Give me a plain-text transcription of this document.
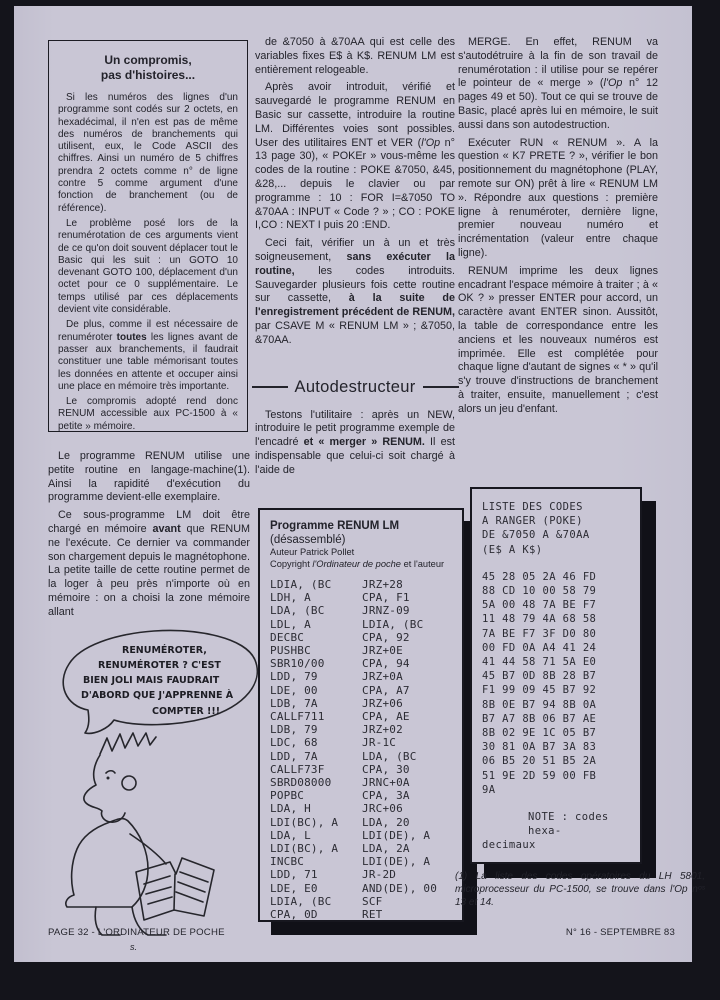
Un compromis,
pas d'histoires...

Si les numéros des lignes d'un programme sont codés sur 2 octets, en hexadécimal, il n'en est pas de même des numéros de branchements qui utilisent, eux, le Code ASCII des chiffres. Ainsi un numéro de 5 chiffres prendra 2 octets comme n° de ligne contre 5 comme argument d'une fonction de branchement (ou de référence).

Le problème posé lors de la renumérotation de ces arguments vient de ce qu'on doit souvent déplacer tout le Basic qui les suit : un GOTO 10 devenant GOTO 100, déplacement d'un octet pour ce 0 supplémentaire. Le temps utilisé par ces déplacements devient vite considérable.

De plus, comme il est nécessaire de renuméroter toutes les lignes avant de passer aux branchements, il faudrait constituer une table mémorisant toutes les données en attente et occuper ainsi une place en mémoire très importante.

Le compromis adopté rend donc RENUM accessible aux PC-1500 à « petite » mémoire.

Le programme RENUM utilise une petite routine en langage-machine(1). Ainsi la rapidité d'exécution du programme devient-elle exemplaire.

Ce sous-programme LM doit être chargé en mémoire avant que RENUM ne l'exécute. Ce dernier va commander son chargement depuis le magnétophone. La petite taille de cette routine permet de la loger à peu près n'importe où en mémoire : on a choisi la zone mémoire allant

RENUMÉROTER,
RENUMÉROTER ? C'EST
BIEN JOLI MAIS FAUDRAIT
D'ABORD QUE J'APPRENNE À
COMPTER !!!
s.

de &7050 à &70AA qui est celle des variables fixes E$ à K$. RENUM LM est entièrement relogeable.

Après avoir introduit, vérifié et sauvegardé le programme RENUM en Basic sur cassette, introduire la routine LM. Différentes voies sont possibles. User des utilitaires ENT et VER (l'Op n° 13 page 30), « POKEr » vous-même les codes de la routine : POKE &7050, &45, &28,... depuis le clavier ou par programme : 10 : FOR I=&7050 TO &70AA : INPUT « Code ? » ; CO : POKE I,CO : NEXT I puis 20 :END.

Ceci fait, vérifier un à un et très soigneusement, sans exécuter la routine, les codes introduits. Sauvegarder plusieurs fois cette routine sur cassette, à la suite de l'enregistrement précédent de RENUM, par CSAVE M « RENUM LM » ; &7050, &70AA.

Autodestructeur

Testons l'utilitaire : après un NEW, introduire le petit programme exemple de l'encadré et « merger » RENUM. Il est indispensable que celui-ci soit chargé à l'aide de

MERGE. En effet, RENUM va s'autodétruire à la fin de son travail de renumérotation : il utilise pour se repérer le pointeur de « merge » (l'Op n° 12 pages 49 et 50). Tout ce qui se trouve de Basic, placé après lui en mémoire, le suit aussi dans son autodestruction.

Exécuter RUN « RENUM ». A la question « K7 PRETE ? », vérifier le bon positionnement du magnétophone (PLAY, remote sur ON) prêt à lire « RENUM LM ». Répondre aux questions : première ligne à renuméroter, dernière ligne, premier nouveau numéro et incrémentation (valeur entre chaque ligne).

RENUM imprime les deux lignes encadrant l'espace mémoire à traiter ; à « OK ? » presser ENTER pour accord, un caractère avant ENTER sinon. Aussitôt, la table de correspondance entre les anciens et les nouveaux numéros est imprimée. Elle est complétée pour chaque ligne d'autant de signes « * » qu'il s'y trouve d'instructions de branchement à traiter, ensuite, manuellement ; c'est alors un jeu d'enfant.

Programme RENUM LM (désassemblé)
Auteur Patrick Pollet
Copyright l'Ordinateur de poche et l'auteur
LDIA, (BC	JRZ+28
LDH, A	CPA, F1
LDA, (BC	JRNZ-09
LDL, A	LDIA, (BC
DECBC	CPA, 92
PUSHBC	JRZ+0E
SBR10/00	CPA, 94
LDD, 79	JRZ+0A
LDE, 00	CPA, A7
LDB, 7A	JRZ+06
CALLF711	CPA, AE
LDB, 79	JRZ+02
LDC, 68	JR-1C
LDD, 7A	LDA, (BC
CALLF73F	CPA, 30
SBRD08000	JRNC+0A
POPBC	CPA, 3A
LDA, H	JRC+06
LDI(BC), A	LDA, 20
LDA, L	LDI(DE), A
LDI(BC), A	LDA, 2A
INCBC	LDI(DE), A
LDD, 71	JR-2D
LDE, E0	AND(DE), 00
LDIA, (BC	SCF
CPA, 0D	RET
LISTE DES CODES
A RANGER (POKE)
DE &7050 A &70AA
(E$ A K$)
45 28 05 2A 46 FD
88 CD 10 00 58 79
5A 00 48 7A BE F7
11 48 79 4A 68 58
7A BE F7 3F D0 80
00 FD 0A A4 41 24
41 44 58 71 5A E0
45 B7 0D 8B 28 B7
F1 99 09 45 B7 92
8B 0E B7 94 8B 0A
B7 A7 8B 06 B7 AE
8B 02 9E 1C 05 B7
30 81 0A B7 3A 83
06 B5 20 51 B5 2A
51 9E 2D 59 00 FB
9A
NOTE : codes hexa-
decimaux
(1) La liste des codes opératoires du LH 5801, microprocesseur du PC-1500, se trouve dans l'Op nᵒˢ 13 et 14.
PAGE 32 - L'ORDINATEUR DE POCHE	N° 16 - SEPTEMBRE 83
